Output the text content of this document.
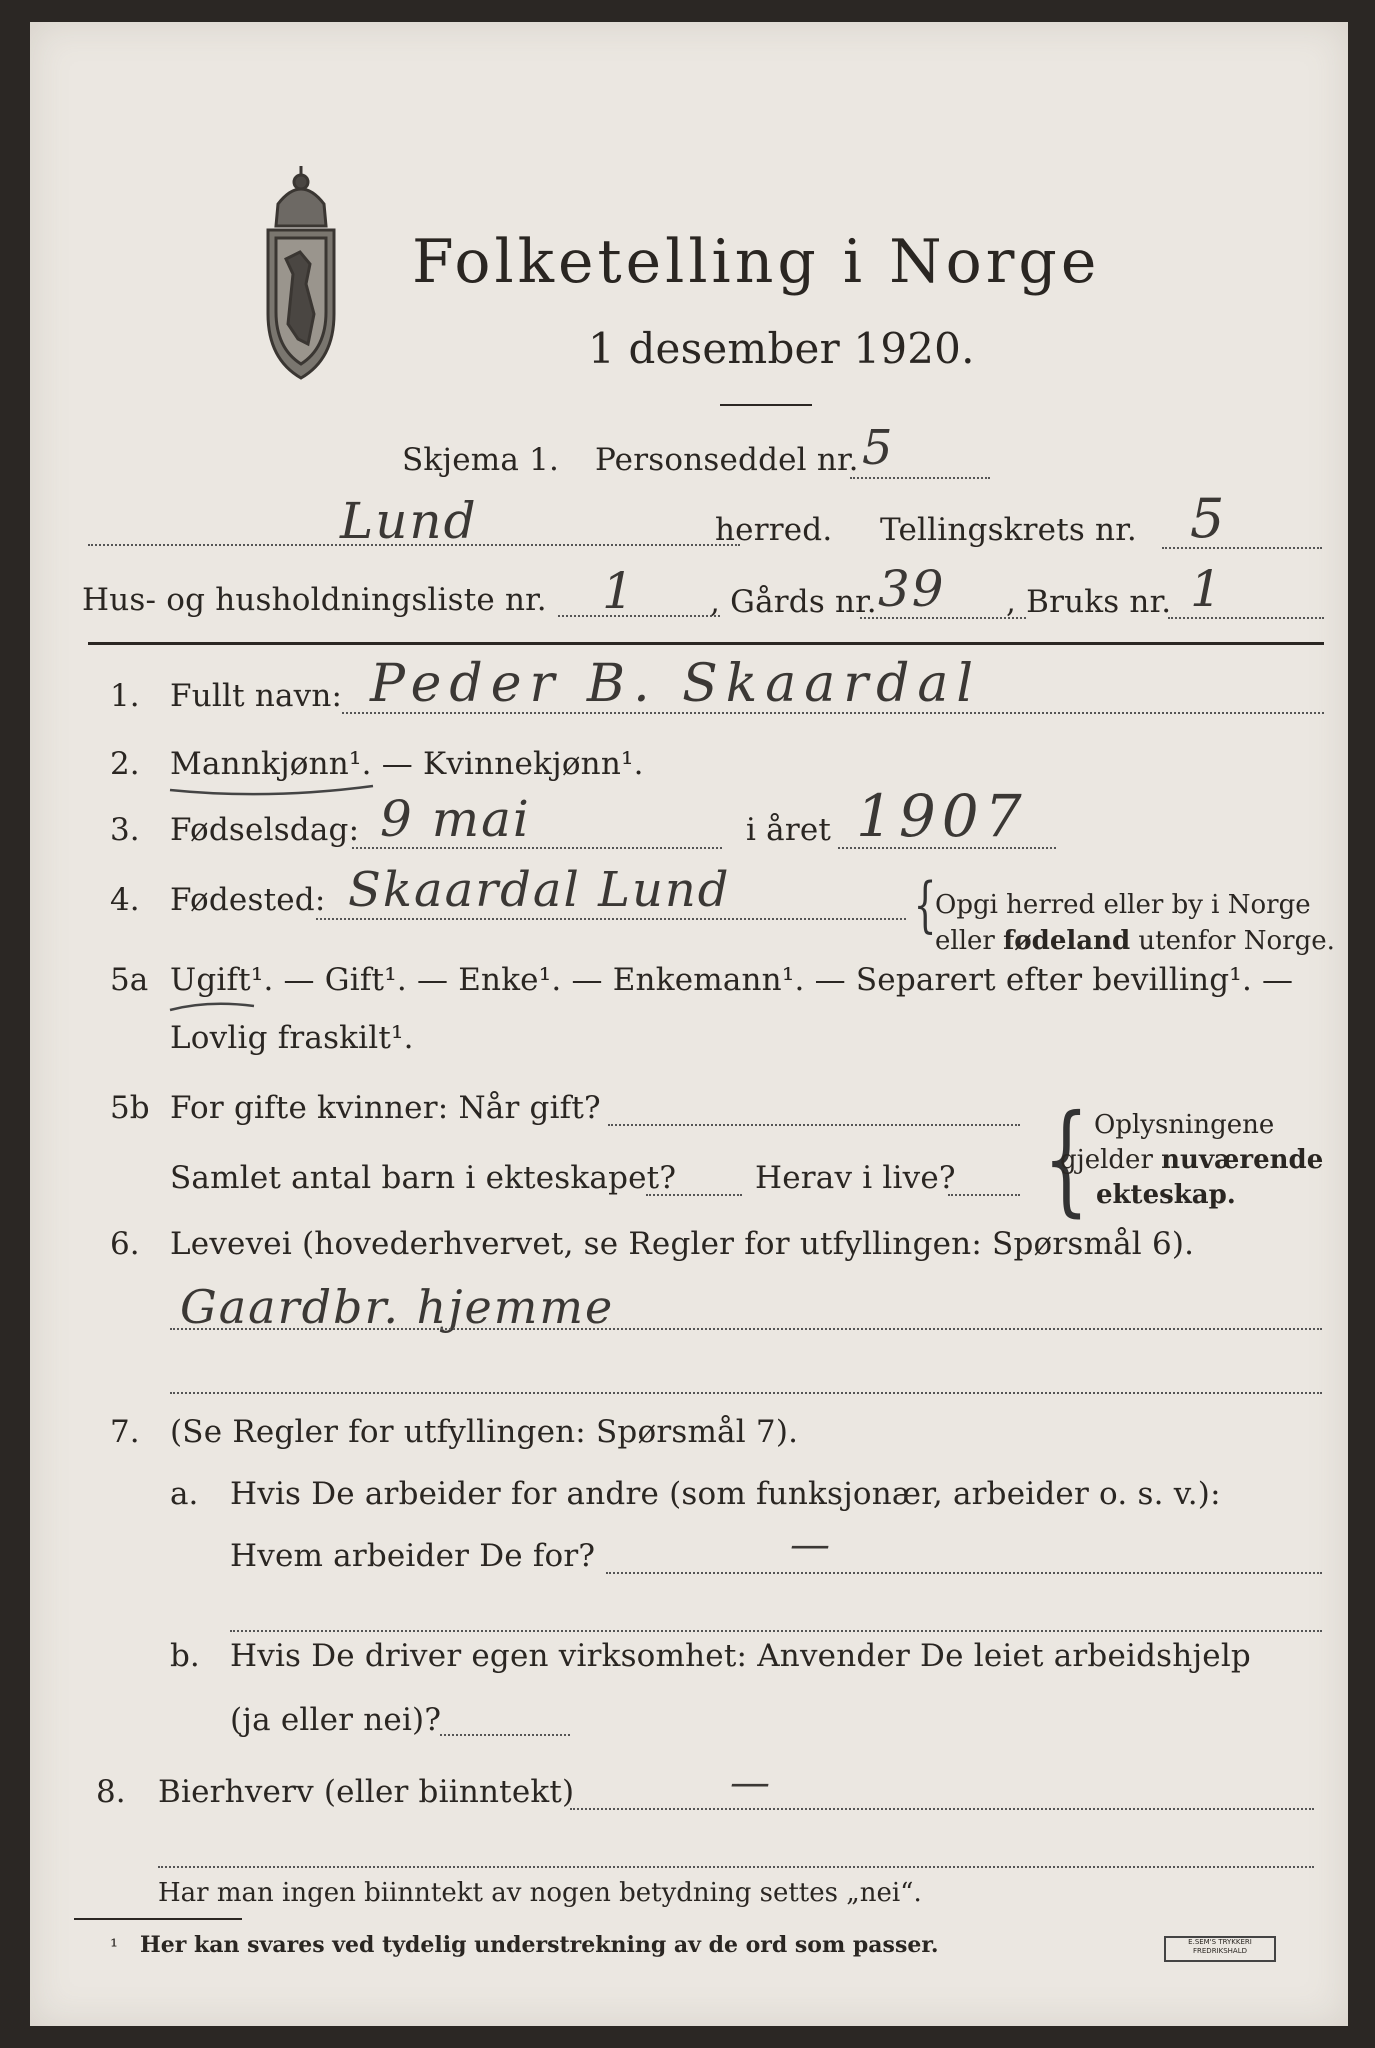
Folketelling i Norge
1 desember 1920.
Skjema 1. Personseddel nr. 5
Lund	herred. Tellingskrets nr. 5
Hus- og husholdningsliste nr. 1 , Gårds nr. 39 , Bruks nr. 1
1. Fullt navn: Peder B. Skaardal
2. Mannkjønn¹. — Kvinnekjønn¹.
3. Fødselsdag: 9 mai	i året 1907
4. Fødested: Skaardal Lund	{
Opgi herred eller by i Norge
eller fødeland utenfor Norge.
5a Ugift¹. — Gift¹. — Enke¹. — Enkemann¹. — Separert efter bevilling¹. —
Lovlig fraskilt¹.
5b For gifte kvinner: Når gift?
Samlet antal barn i ekteskapet?	Herav i live? { Oplysningene
gjelder nuværende
ekteskap.
6. Levevei (hovederhvervet, se Regler for utfyllingen: Spørsmål 6).
Gaardbr. hjemme
7. (Se Regler for utfyllingen: Spørsmål 7).
a. Hvis De arbeider for andre (som funksjonær, arbeider o. s. v.):
Hvem arbeider De for?	—
b. Hvis De driver egen virksomhet: Anvender De leiet arbeidshjelp
(ja eller nei)?
8. Bierhverv (eller biinntekt)	—
Har man ingen biinntekt av nogen betydning settes „nei“.
¹ Her kan svares ved tydelig understrekning av de ord som passer.	E.SEM'S TRYKKERI FREDRIKSHALD
